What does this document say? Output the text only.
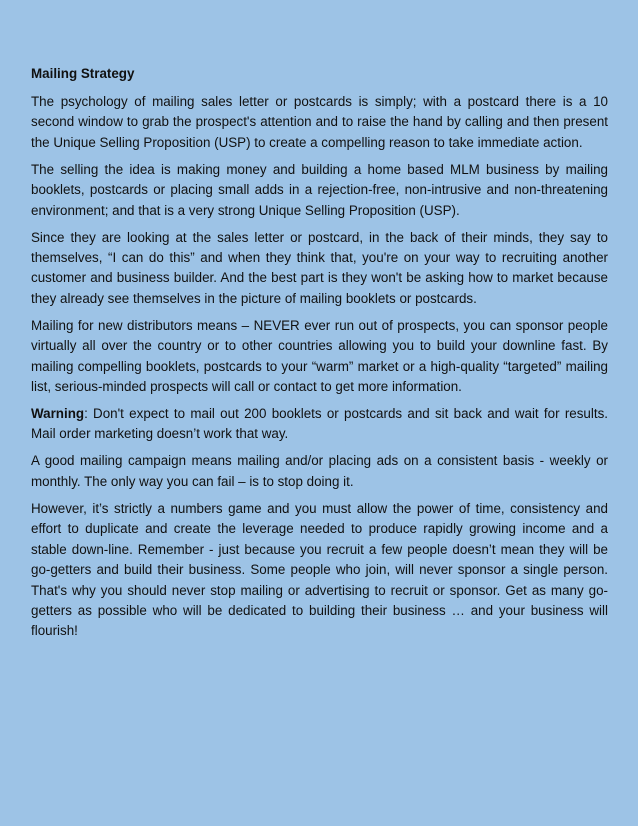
Mailing Strategy

The psychology of mailing sales letter or postcards is simply; with a postcard there is a 10 second window to grab the prospect's attention and to raise the hand by calling and then present the Unique Selling Proposition (USP) to create a compelling reason to take immediate action.

The selling the idea is making money and building a home based MLM business by mailing booklets, postcards or placing small adds in a rejection-free, non-intrusive and non-threatening environment; and that is a very strong Unique Selling Proposition (USP).

Since they are looking at the sales letter or postcard, in the back of their minds, they say to themselves, “I can do this” and when they think that, you're on your way to recruiting another customer and business builder. And the best part is they won't be asking how to market because they already see themselves in the picture of mailing booklets or postcards.

Mailing for new distributors means – NEVER ever run out of prospects, you can sponsor people virtually all over the country or to other countries allowing you to build your downline fast. By mailing compelling booklets, postcards to your “warm” market or a high-quality “targeted” mailing list, serious-minded prospects will call or contact to get more information.

Warning: Don't expect to mail out 200 booklets or postcards and sit back and wait for results. Mail order marketing doesn’t work that way.

A good mailing campaign means mailing and/or placing ads on a consistent basis - weekly or monthly. The only way you can fail – is to stop doing it.

However, it’s strictly a numbers game and you must allow the power of time, consistency and effort to duplicate and create the leverage needed to produce rapidly growing income and a stable down-line. Remember - just because you recruit a few people doesn’t mean they will be go-getters and build their business. Some people who join, will never sponsor a single person. That's why you should never stop mailing or advertising to recruit or sponsor. Get as many go-getters as possible who will be dedicated to building their business … and your business will flourish!
